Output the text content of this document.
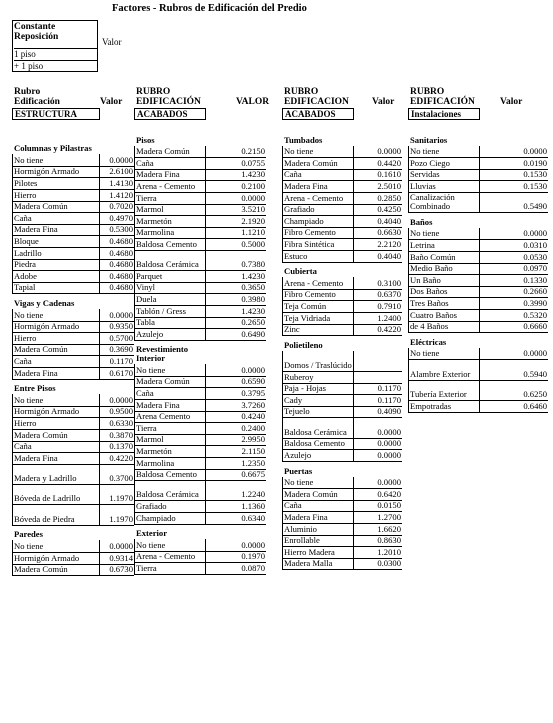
Factores - Rubros de Edificación del Predio
Constante Reposición	Valor
1 piso
+ 1 piso
Rubro Edificación	Valor
ESTRUCTURA
RUBRO EDIFICACIÓN	VALOR
ACABADOS
RUBRO EDIFICACION	Valor
ACABADOS
RUBRO EDIFICACIÓN	Valor
Instalaciones
Columnas y Pilastras
No tiene	0.0000
Hormigón Armado	2.6100
Pilotes	1.4130
Hierro	1.4120
Madera Común	0.7020
Caña	0.4970
Madera Fina	0.5300
Bloque	0.4680
Ladrillo	0.4680
Piedra	0.4680
Adobe	0.4680
Tapial	0.4680
Vigas y Cadenas
No tiene	0.0000
Hormigón Armado	0.9350
Hierro	0.5700
Madera Común	0.3690
Caña	0.1170
Madera Fina	0.6170
Entre Pisos
No tiene	0.0000
Hormigón Armado	0.9500
Hierro	0.6330
Madera Común	0.3870
Caña	0.1370
Madera Fina	0.4220
Madera y Ladrillo	0.3700
Bóveda de Ladrillo	1.1970
Bóveda de Piedra	1.1970
Paredes
No tiene	0.0000
Hormigón Armado	0.9314
Madera Común	0.6730
Pisos
Madera Común	0.2150
Caña	0.0755
Madera Fina	1.4230
Arena - Cemento	0.2100
Tierra	0.0000
Marmol	3.5210
Marmetón	2.1920
Marmolina	1.1210
Baldosa Cemento	0.5000
Baldosa Cerámica	0.7380
Parquet	1.4230
Vinyl	0.3650
Duela	0.3980
Tablón / Gress	1.4230
Tabla	0.2650
Azulejo	0.6490
Revestimiento Interior
No tiene	0.0000
Madera Común	0.6590
Caña	0.3795
Madera Fina	3.7260
Arena Cemento	0.4240
Tierra	0.2400
Marmol	2.9950
Marmetón	2.1150
Marmolina	1.2350
Baldosa Cemento	0.6675
Baldosa Cerámica	1.2240
Grafiado	1.1360
Champiado	0.6340
Exterior
No tiene	0.0000
Arena - Cemento	0.1970
Tierra	0.0870
Tumbados
No tiene	0.0000
Madera Común	0.4420
Caña	0.1610
Madera Fina	2.5010
Arena - Cemento	0.2850
Grafiado	0.4250
Champiado	0.4040
Fibro Cemento	0.6630
Fibra Sintética	2.2120
Estuco	0.4040
Cubierta
Arena - Cemento	0.3100
Fibro Cemento	0.6370
Teja Común	0.7910
Teja Vidriada	1.2400
Zinc	0.4220
Polietileno
Domos / Traslúcido
Ruberoy
Paja - Hojas	0.1170
Cady	0.1170
Tejuelo	0.4090
Baldosa Cerámica	0.0000
Baldosa Cemento	0.0000
Azulejo	0.0000
Puertas
No tiene	0.0000
Madera Común	0.6420
Caña	0.0150
Madera Fina	1.2700
Aluminio	1.6620
Enrollable	0.8630
Hierro Madera	1.2010
Madera Malla	0.0300
Sanitarios
No tiene	0.0000
Pozo Ciego	0.0190
Servidas	0.1530
Lluvias	0.1530
Canalización Combinado	0.5490
Baños
No tiene	0.0000
Letrina	0.0310
Baño Común	0.0530
Medio Baño	0.0970
Un Baño	0.1330
Dos Baños	0.2660
Tres Baños	0.3990
Cuatro Baños	0.5320
de 4 Baños	0.6660
Eléctricas
No tiene	0.0000
Alambre Exterior	0.5940
Tubería Exterior	0.6250
Empotradas	0.6460
